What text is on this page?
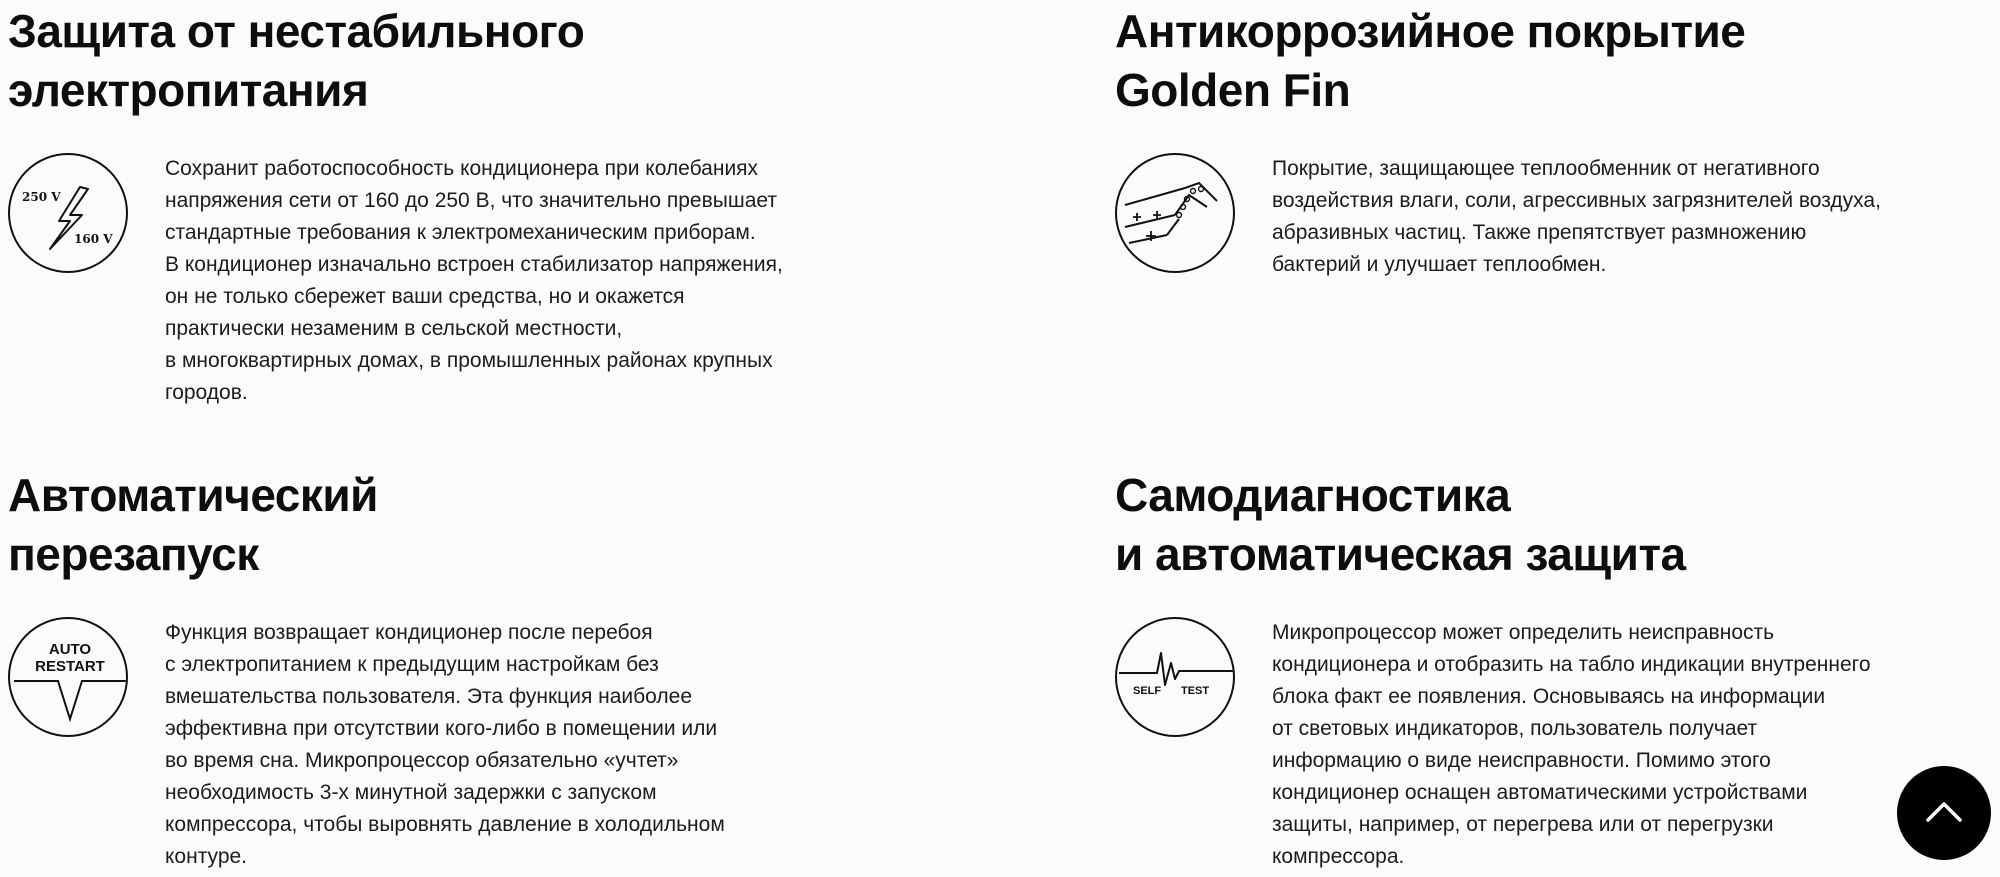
Защита от нестабильного
электропитания
250 V
160 V

Сохранит работоспособность кондиционера при колебаниях
напряжения сети от 160 до 250 В, что значительно превышает
стандартные требования к электромеханическим приборам.
В кондиционер изначально встроен стабилизатор напряжения,
он не только сбережет ваши средства, но и окажется
практически незаменим в сельской местности,
в многоквартирных домах, в промышленных районах крупных
городов.

Антикоррозийное покрытие
Golden Fin

Покрытие, защищающее теплообменник от негативного
воздействия влаги, соли, агрессивных загрязнителей воздуха,
абразивных частиц. Также препятствует размножению
бактерий и улучшает теплообмен.

Автоматический
перезапуск
AUTO
RESTART

Функция возвращает кондиционер после перебоя
с электропитанием к предыдущим настройкам без
вмешательства пользователя. Эта функция наиболее
эффективна при отсутствии кого-либо в помещении или
во время сна. Микропроцессор обязательно «учтет»
необходимость 3-х минутной задержки с запуском
компрессора, чтобы выровнять давление в холодильном
контуре.

Самодиагностика
и автоматическая защита
SELF TEST

Микропроцессор может определить неисправность
кондиционера и отобразить на табло индикации внутреннего
блока факт ее появления. Основываясь на информации
от световых индикаторов, пользователь получает
информацию о виде неисправности. Помимо этого
кондиционер оснащен автоматическими устройствами
защиты, например, от перегрева или от перегрузки
компрессора.
